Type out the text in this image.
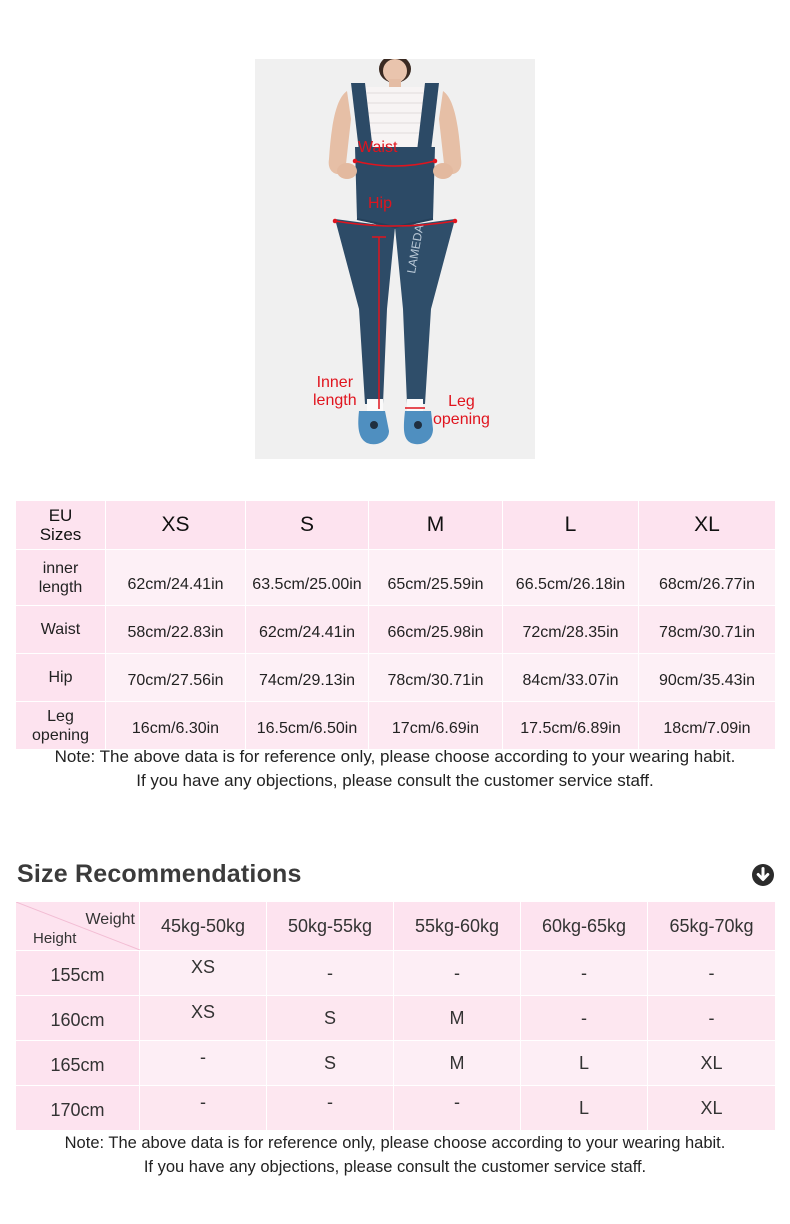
LAMEDA
Waist
Hip
Inner
length	Leg
opening
EU
Sizes	XS	S	M	L	XL
inner
length	62cm/24.41in	63.5cm/25.00in	65cm/25.59in	66.5cm/26.18in	68cm/26.77in
Waist	58cm/22.83in	62cm/24.41in	66cm/25.98in	72cm/28.35in	78cm/30.71in
Hip	70cm/27.56in	74cm/29.13in	78cm/30.71in	84cm/33.07in	90cm/35.43in
Leg
opening	16cm/6.30in	16.5cm/6.50in	17cm/6.69in	17.5cm/6.89in	18cm/7.09in
Note: The above data is for reference only, please choose according to your wearing habit.
If you have any objections, please consult the customer service staff.
Size Recommendations
Weight
Height	45kg-50kg	50kg-55kg	55kg-60kg	60kg-65kg	65kg-70kg
155cm	XS	-	-	-	-
160cm	XS	S	M	-	-
165cm	-	S	M	L	XL
170cm	-	-	-	L	XL
Note: The above data is for reference only, please choose according to your wearing habit.
If you have any objections, please consult the customer service staff.
